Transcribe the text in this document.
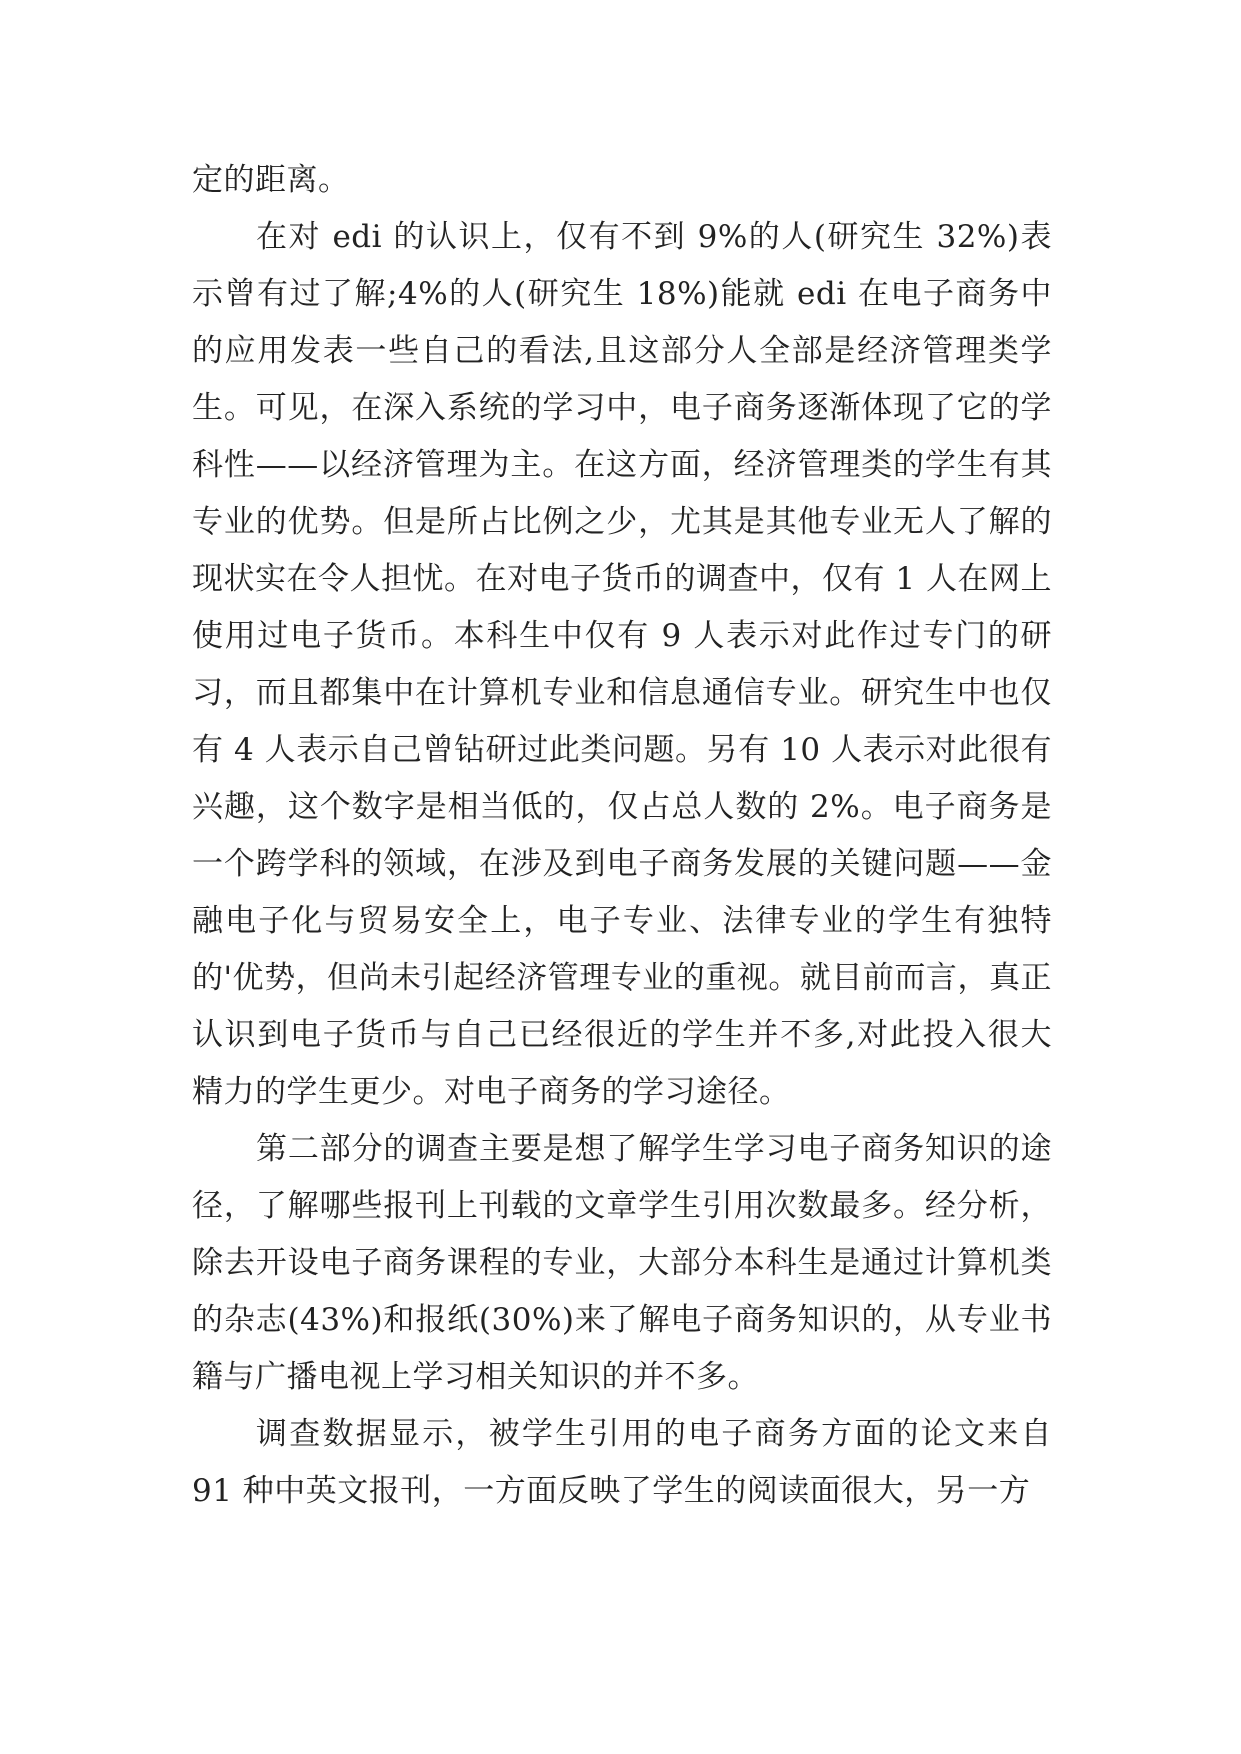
定的距离。

在对 edi 的认识上，仅有不到 9%的人(研究生 32%)表示曾有过了解;4%的人(研究生 18%)能就 edi 在电子商务中的应用发表一些自己的看法,且这部分人全部是经济管理类学生。可见，在深入系统的学习中，电子商务逐渐体现了它的学科性——以经济管理为主。在这方面，经济管理类的学生有其专业的优势。但是所占比例之少，尤其是其他专业无人了解的现状实在令人担忧。在对电子货币的调查中，仅有 1 人在网上使用过电子货币。本科生中仅有 9 人表示对此作过专门的研习，而且都集中在计算机专业和信息通信专业。研究生中也仅有 4 人表示自己曾钻研过此类问题。另有 10 人表示对此很有兴趣，这个数字是相当低的，仅占总人数的 2%。电子商务是一个跨学科的领域，在涉及到电子商务发展的关键问题——金融电子化与贸易安全上，电子专业、法律专业的学生有独特的'优势，但尚未引起经济管理专业的重视。就目前而言，真正认识到电子货币与自己已经很近的学生并不多,对此投入很大精力的学生更少。对电子商务的学习途径。

第二部分的调查主要是想了解学生学习电子商务知识的途径，了解哪些报刊上刊载的文章学生引用次数最多。经分析，除去开设电子商务课程的专业，大部分本科生是通过计算机类的杂志(43%)和报纸(30%)来了解电子商务知识的，从专业书籍与广播电视上学习相关知识的并不多。

调查数据显示，被学生引用的电子商务方面的论文来自 91 种中英文报刊，一方面反映了学生的阅读面很大，另一方
